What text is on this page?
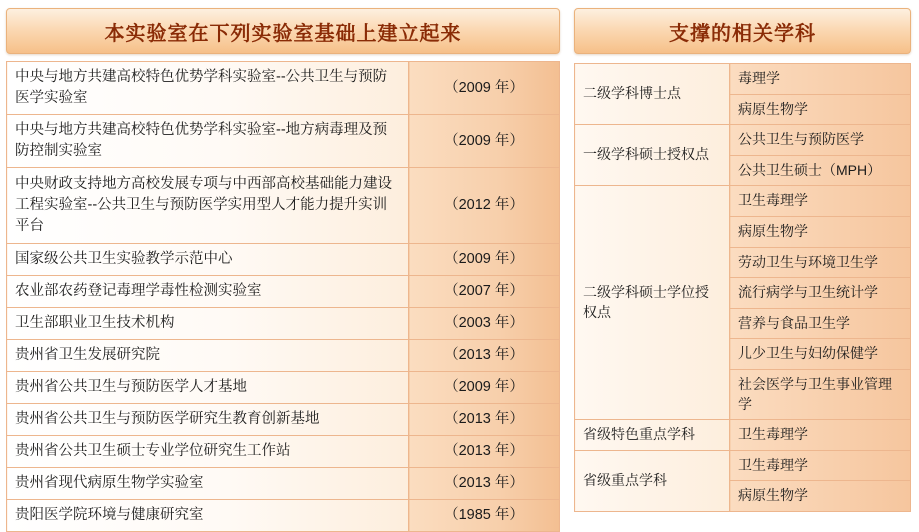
本实验室在下列实验室基础上建立起来
中央与地方共建高校特色优势学科实验室--公共卫生与预防医学实验室	（2009 年）
中央与地方共建高校特色优势学科实验室--地方病毒理及预防控制实验室	（2009 年）
中央财政支持地方高校发展专项与中西部高校基础能力建设工程实验室--公共卫生与预防医学实用型人才能力提升实训平台	（2012 年）
国家级公共卫生实验教学示范中心	（2009 年）
农业部农药登记毒理学毒性检测实验室	（2007 年）
卫生部职业卫生技术机构	（2003 年）
贵州省卫生发展研究院	（2013 年）
贵州省公共卫生与预防医学人才基地	（2009 年）
贵州省公共卫生与预防医学研究生教育创新基地	（2013 年）
贵州省公共卫生硕士专业学位研究生工作站	（2013 年）
贵州省现代病原生物学实验室	（2013 年）
贵阳医学院环境与健康研究室	（1985 年）
支撑的相关学科
二级学科博士点	毒理学
	病原生物学
一级学科硕士授权点	公共卫生与预防医学
	公共卫生硕士（MPH）
二级学科硕士学位授权点	卫生毒理学
	病原生物学
	劳动卫生与环境卫生学
	流行病学与卫生统计学
	营养与食品卫生学
	儿少卫生与妇幼保健学
	社会医学与卫生事业管理学
省级特色重点学科	卫生毒理学
省级重点学科	卫生毒理学
	病原生物学
